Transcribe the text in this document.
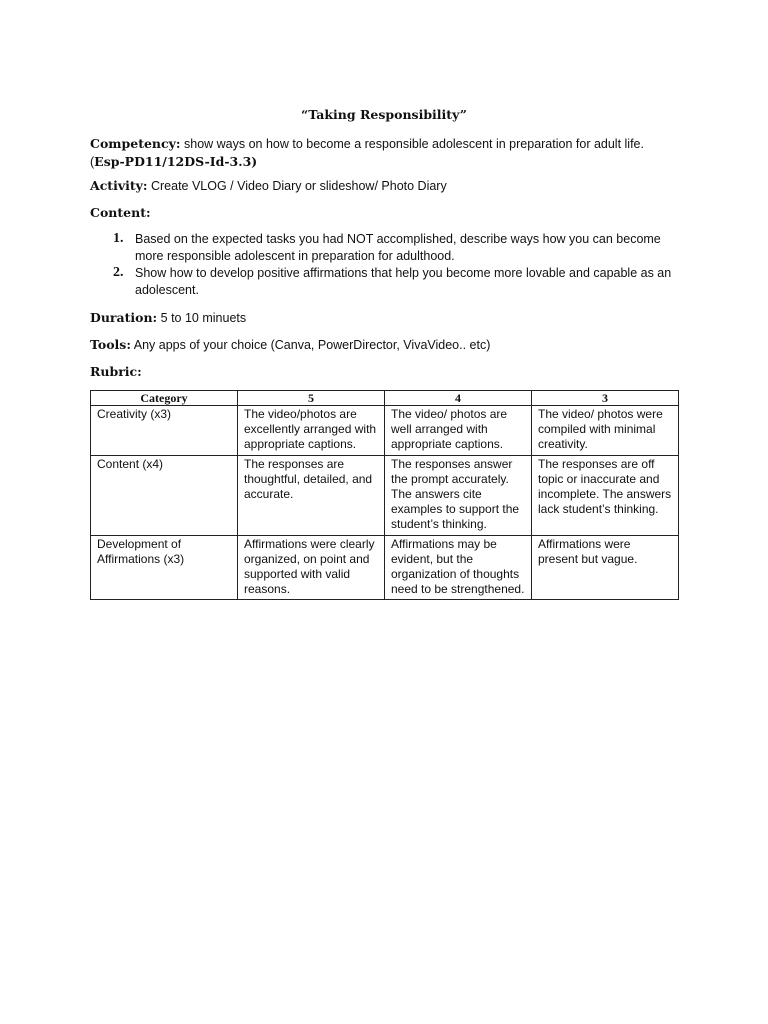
“Taking Responsibility”
Competency: show ways on how to become a responsible adolescent in preparation for adult life. (Esp-PD11/12DS-Id-3.3)
Activity: Create VLOG / Video Diary or slideshow/ Photo Diary
Content:
1. Based on the expected tasks you had NOT accomplished, describe ways how you can become more responsible adolescent in preparation for adulthood.
2. Show how to develop positive affirmations that help you become more lovable and capable as an adolescent.
Duration: 5 to 10 minuets
Tools: Any apps of your choice (Canva, PowerDirector, VivaVideo.. etc)
Rubric:
Category	5	4	3
Creativity (x3)	The video/photos are excellently arranged with appropriate captions.	The video/ photos are well arranged with appropriate captions.	The video/ photos were compiled with minimal creativity.
Content (x4)	The responses are thoughtful, detailed, and accurate.	The responses answer the prompt accurately. The answers cite examples to support the student’s thinking.	The responses are off topic or inaccurate and incomplete. The answers lack student’s thinking.
Development of Affirmations (x3)	Affirmations were clearly organized, on point and supported with valid reasons.	Affirmations may be evident, but the organization of thoughts need to be strengthened.	Affirmations were present but vague.
